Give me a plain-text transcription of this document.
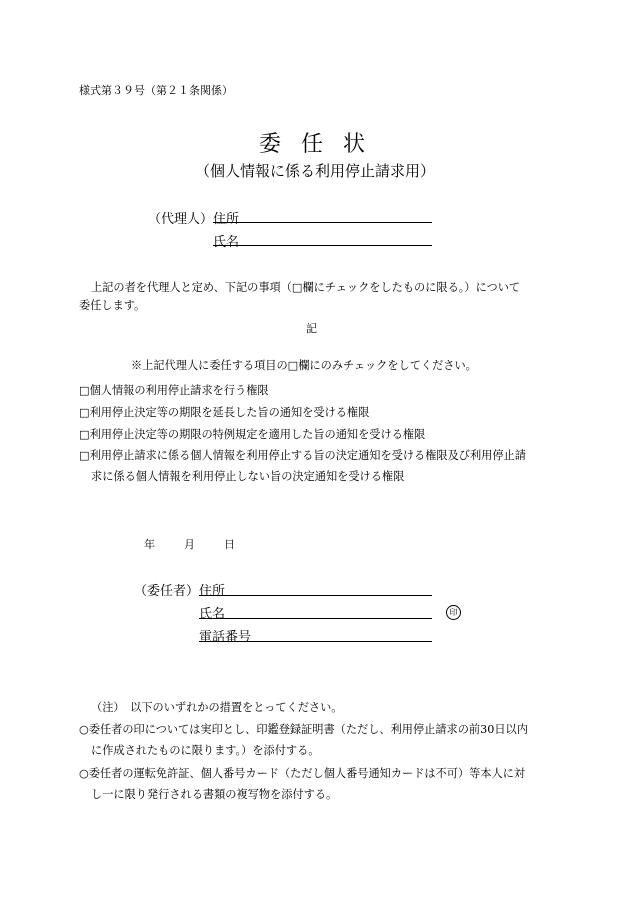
様式第３９号（第２１条関係）
委任状
（個人情報に係る利用停止請求用）
（代理人） 住所
氏名
上記の者を代理人と定め、下記の事項（□欄にチェックをしたものに限る。）について
委任します。
記
※上記代理人に委任する項目の□欄にのみチェックをしてください。
□個人情報の利用停止請求を行う権限
□利用停止決定等の期限を延長した旨の通知を受ける権限
□利用停止決定等の期限の特例規定を適用した旨の通知を受ける権限
□利用停止請求に係る個人情報を利用停止する旨の決定通知を受ける権限及び利用停止請
求に係る個人情報を利用停止しない旨の決定通知を受ける権限
年	月	日
（委任者） 住所
氏名	印
電話番号
（注）　以下のいずれかの措置をとってください。
○委任者の印については実印とし、印鑑登録証明書（ただし、利用停止請求の前30日以内
に作成されたものに限ります。）を添付する。
○委任者の運転免許証、個人番号カード（ただし個人番号通知カードは不可）等本人に対
し一に限り発行される書類の複写物を添付する。
